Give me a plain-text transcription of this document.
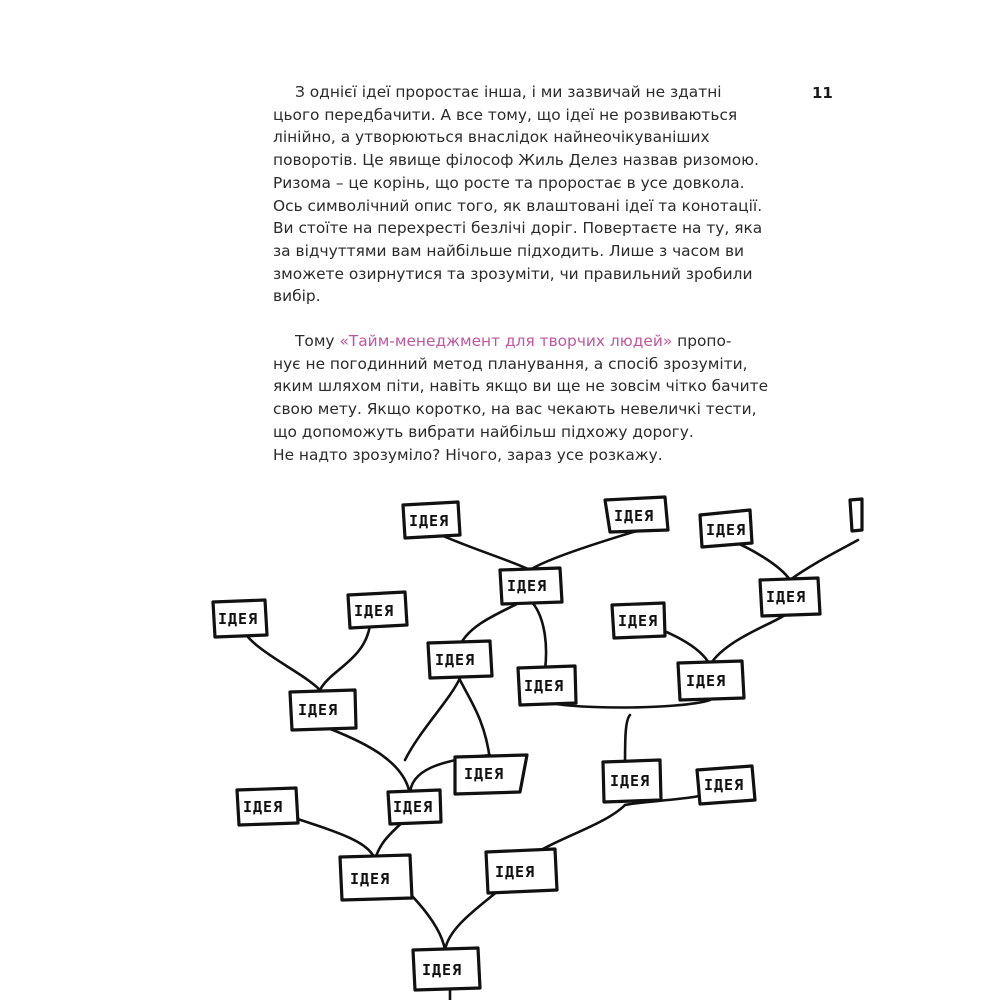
11
З однієї ідеї проростає інша, і ми зазвичай не здатні
цього передбачити. А все тому, що ідеї не розвиваються
лінійно, а утворюються внаслідок найнеочікуваніших
поворотів. Це явище філософ Жиль Делез назвав ризомою.
Ризома – це корінь, що росте та проростає в усе довкола.
Ось символічний опис того, як влаштовані ідеї та конотації.
Ви стоїте на перехресті безлічі доріг. Повертаєте на ту, яка
за відчуттями вам найбільше підходить. Лише з часом ви
зможете озирнутися та зрозуміти, чи правильний зробили
вибір.
Тому «Тайм-менеджмент для творчих людей» пропо-
нує не погодинний метод планування, а спосіб зрозуміти,
яким шляхом піти, навіть якщо ви ще не зовсім чітко бачите
свою мету. Якщо коротко, на вас чекають невеличкі тести,
що допоможуть вибрати найбільш підхожу дорогу.
Не надто зрозуміло? Нічого, зараз усе розкажу.
ІДЕЯ	ІДЕЯ
ІДЕЯ
ІДЕЯ
ІДЕЯ
ІДЕЯ	ІДЕЯ
ІДЕЯ
ІДЕЯ
ІДЕЯ	ІДЕЯ
ІДЕЯ
ІДЕЯ	ІДЕЯ	ІДЕЯ
ІДЕЯ	ІДЕЯ
ІДЕЯ	ІДЕЯ
ІДЕЯ
